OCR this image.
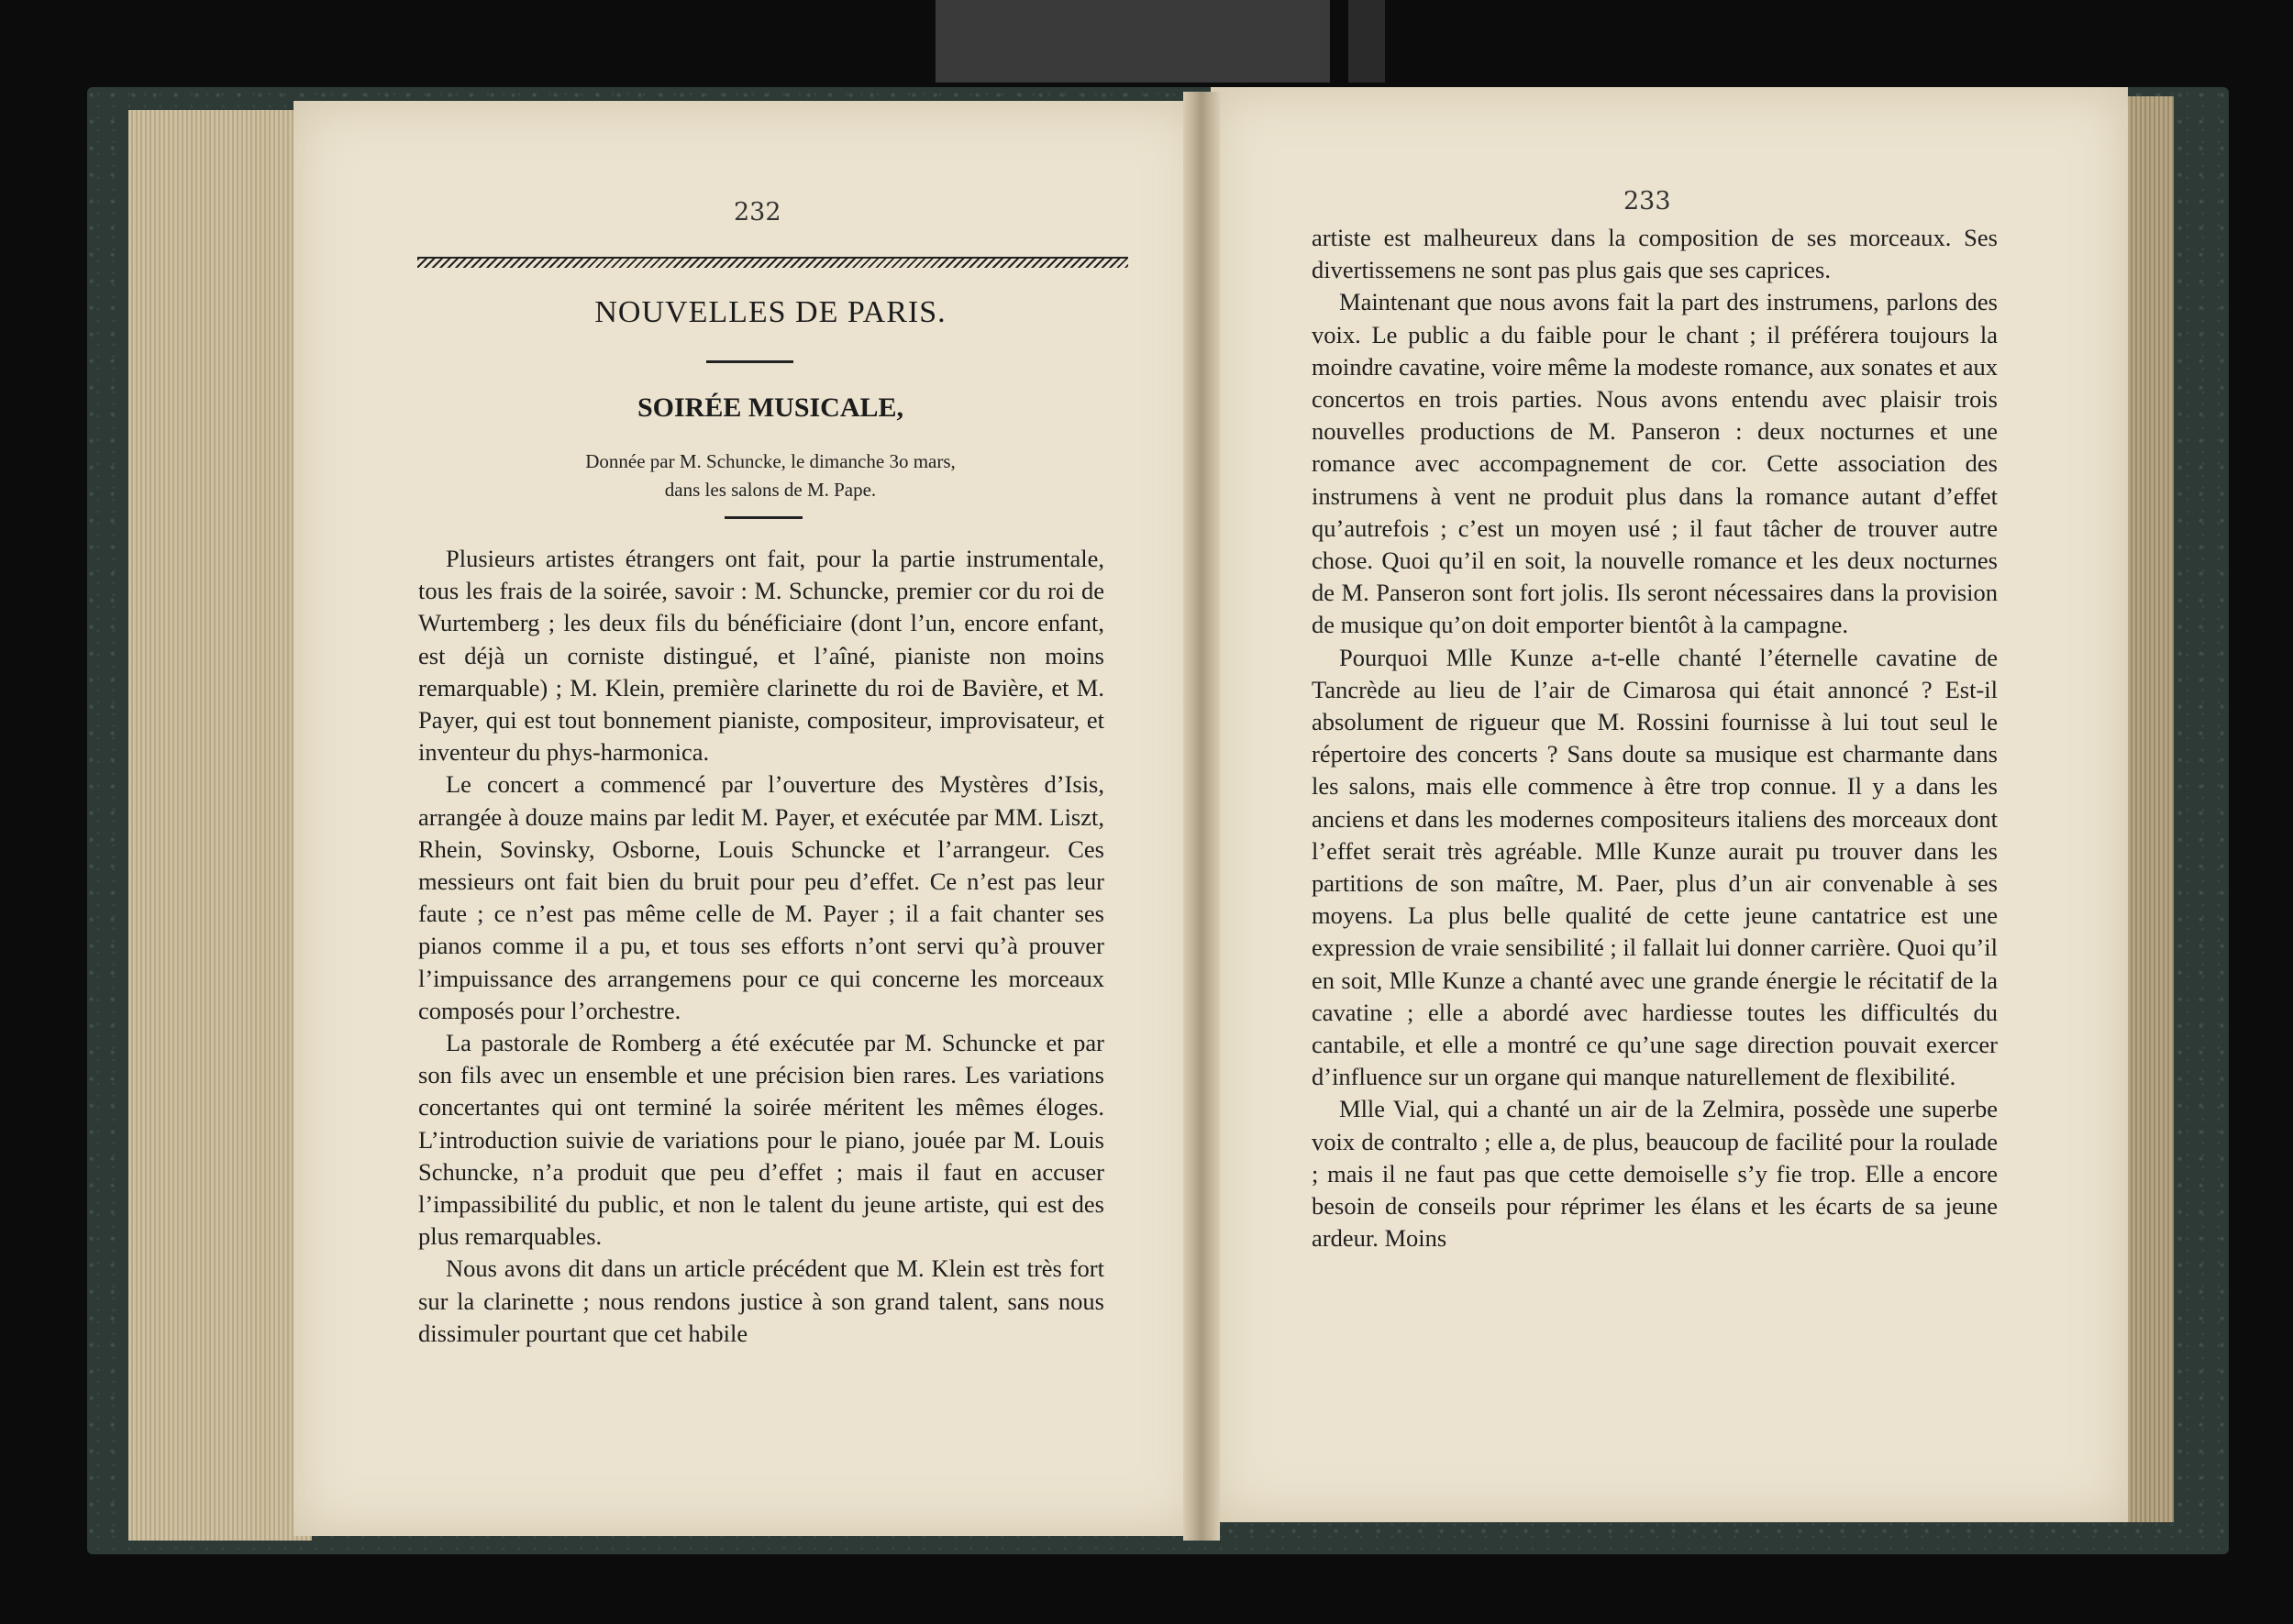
232
NOUVELLES DE PARIS.
SOIRÉE MUSICALE,
Donnée par M. Schuncke, le dimanche 3o mars,
dans les salons de M. Pape.

Plusieurs artistes étrangers ont fait, pour la partie instrumentale, tous les frais de la soirée, savoir : M. Schuncke, premier cor du roi de Wurtemberg ; les deux fils du bénéficiaire (dont l’un, encore enfant, est déjà un corniste distingué, et l’aîné, pianiste non moins remarquable) ; M. Klein, première clarinette du roi de Bavière, et M. Payer, qui est tout bonnement pianiste, compositeur, improvisateur, et inventeur du phys-harmonica.

Le concert a commencé par l’ouverture des Mystères d’Isis, arrangée à douze mains par ledit M. Payer, et exécutée par MM. Liszt, Rhein, Sovinsky, Osborne, Louis Schuncke et l’arrangeur. Ces messieurs ont fait bien du bruit pour peu d’effet. Ce n’est pas leur faute ; ce n’est pas même celle de M. Payer ; il a fait chanter ses pianos comme il a pu, et tous ses efforts n’ont servi qu’à prouver l’impuissance des arrangemens pour ce qui concerne les morceaux composés pour l’orchestre.

La pastorale de Romberg a été exécutée par M. Schuncke et par son fils avec un ensemble et une précision bien rares. Les variations concertantes qui ont terminé la soirée méritent les mêmes éloges. L’introduction suivie de variations pour le piano, jouée par M. Louis Schuncke, n’a produit que peu d’effet ; mais il faut en accuser l’impassibilité du public, et non le talent du jeune artiste, qui est des plus remarquables.

Nous avons dit dans un article précédent que M. Klein est très fort sur la clarinette ; nous rendons justice à son grand talent, sans nous dissimuler pourtant que cet habile

233

artiste est malheureux dans la composition de ses morceaux. Ses divertissemens ne sont pas plus gais que ses caprices.

Maintenant que nous avons fait la part des instrumens, parlons des voix. Le public a du faible pour le chant ; il préférera toujours la moindre cavatine, voire même la modeste romance, aux sonates et aux concertos en trois parties. Nous avons entendu avec plaisir trois nouvelles productions de M. Panseron : deux nocturnes et une romance avec accompagnement de cor. Cette association des instrumens à vent ne produit plus dans la romance autant d’effet qu’autrefois ; c’est un moyen usé ; il faut tâcher de trouver autre chose. Quoi qu’il en soit, la nouvelle romance et les deux nocturnes de M. Panseron sont fort jolis. Ils seront nécessaires dans la provision de musique qu’on doit emporter bientôt à la campagne.

Pourquoi Mlle Kunze a-t-elle chanté l’éternelle cavatine de Tancrède au lieu de l’air de Cimarosa qui était annoncé ? Est-il absolument de rigueur que M. Rossini fournisse à lui tout seul le répertoire des concerts ? Sans doute sa musique est charmante dans les salons, mais elle commence à être trop connue. Il y a dans les anciens et dans les modernes compositeurs italiens des morceaux dont l’effet serait très agréable. Mlle Kunze aurait pu trouver dans les partitions de son maître, M. Paer, plus d’un air convenable à ses moyens. La plus belle qualité de cette jeune cantatrice est une expression de vraie sensibilité ; il fallait lui donner carrière. Quoi qu’il en soit, Mlle Kunze a chanté avec une grande énergie le récitatif de la cavatine ; elle a abordé avec hardiesse toutes les difficultés du cantabile, et elle a montré ce qu’une sage direction pouvait exercer d’influence sur un organe qui manque naturellement de flexibilité.

Mlle Vial, qui a chanté un air de la Zelmira, possède une superbe voix de contralto ; elle a, de plus, beaucoup de facilité pour la roulade ; mais il ne faut pas que cette demoiselle s’y fie trop. Elle a encore besoin de conseils pour réprimer les élans et les écarts de sa jeune ardeur. Moins
